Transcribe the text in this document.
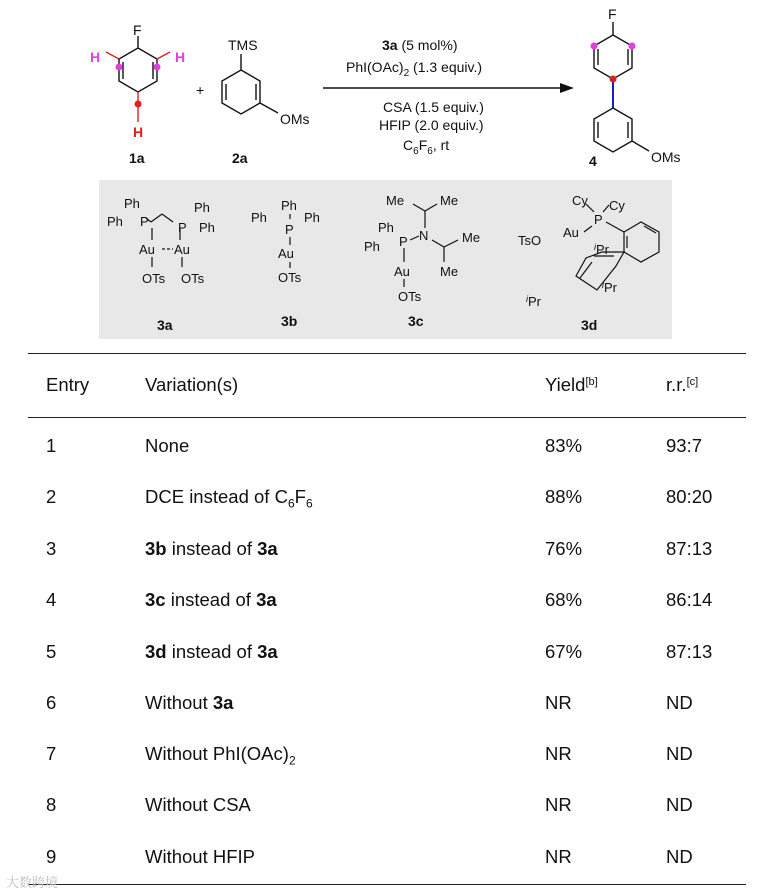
F
H	H
H
1a
+
TMS
OMs
2a
3a (5 mol%)
$PhI(OAc)_2$ (1.3 equiv.)
CSA (1.5 equiv.)
HFIP (2.0 equiv.)
$C_6F_6$, rt
F
OMs
4
Ph
Ph
Ph
Ph
P P
Au Au
OTs OTs
3a
Ph
Ph	Ph
P
Au
OTs
3b
Me	Me
Me
Me
Ph
Ph P N
Au
OTs
3c
Cy Cy
P
TsO
Au
$^i$Pr
$^i$Pr
$^i$Pr
3d
Entry	Variation(s)	Yield[b]	r.r.[c]
1	None	83%	93:7
2	DCE instead of $C_6F_6$	88%	80:20
3	3b instead of 3a	76%	87:13
4	3c instead of 3a	68%	86:14
5	3d instead of 3a	67%	87:13
6	Without 3a	NR	ND
7	Without $PhI(OAc)_2$	NR	ND
8	Without CSA	NR	ND
9	Without HFIP	NR	ND
大数跨境
